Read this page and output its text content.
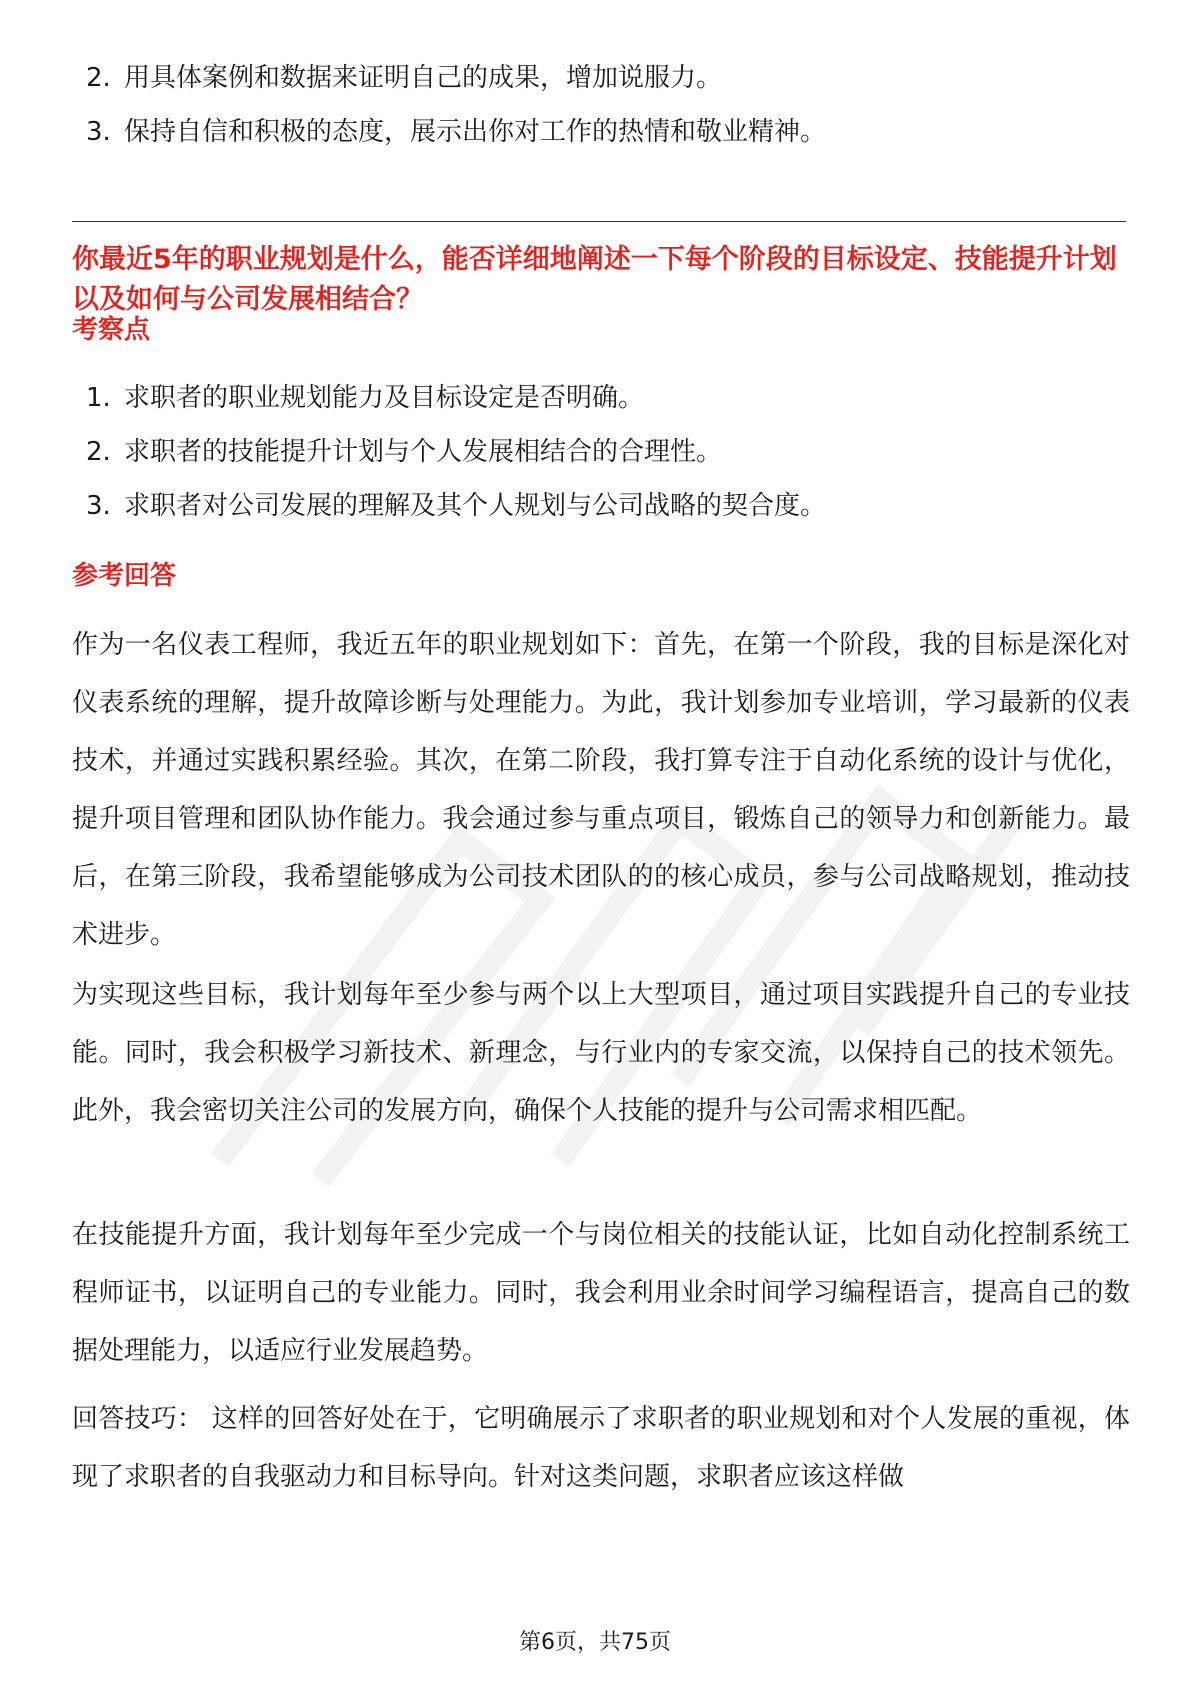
2. 用具体案例和数据来证明自己的成果，增加说服力。
3. 保持自信和积极的态度，展示出你对工作的热情和敬业精神。
你最近5年的职业规划是什么，能否详细地阐述一下每个阶段的目标设定、技能提升计划以及如何与公司发展相结合？
考察点
1. 求职者的职业规划能力及目标设定是否明确。
2. 求职者的技能提升计划与个人发展相结合的合理性。
3. 求职者对公司发展的理解及其个人规划与公司战略的契合度。
参考回答
作为一名仪表工程师，我近五年的职业规划如下：首先，在第一个阶段，我的目标是深化对仪表系统的理解，提升故障诊断与处理能力。为此，我计划参加专业培训，学习最新的仪表技术，并通过实践积累经验。其次，在第二阶段，我打算专注于自动化系统的设计与优化，提升项目管理和团队协作能力。我会通过参与重点项目，锻炼自己的领导力和创新能力。最后，在第三阶段，我希望能够成为公司技术团队的的核心成员，参与公司战略规划，推动技术进步。
为实现这些目标，我计划每年至少参与两个以上大型项目，通过项目实践提升自己的专业技能。同时，我会积极学习新技术、新理念，与行业内的专家交流，以保持自己的技术领先。此外，我会密切关注公司的发展方向，确保个人技能的提升与公司需求相匹配。
在技能提升方面，我计划每年至少完成一个与岗位相关的技能认证，比如自动化控制系统工程师证书，以证明自己的专业能力。同时，我会利用业余时间学习编程语言，提高自己的数据处理能力，以适应行业发展趋势。
回答技巧： 这样的回答好处在于，它明确展示了求职者的职业规划和对个人发展的重视，体现了求职者的自我驱动力和目标导向。针对这类问题，求职者应该这样做
第6页，共75页
